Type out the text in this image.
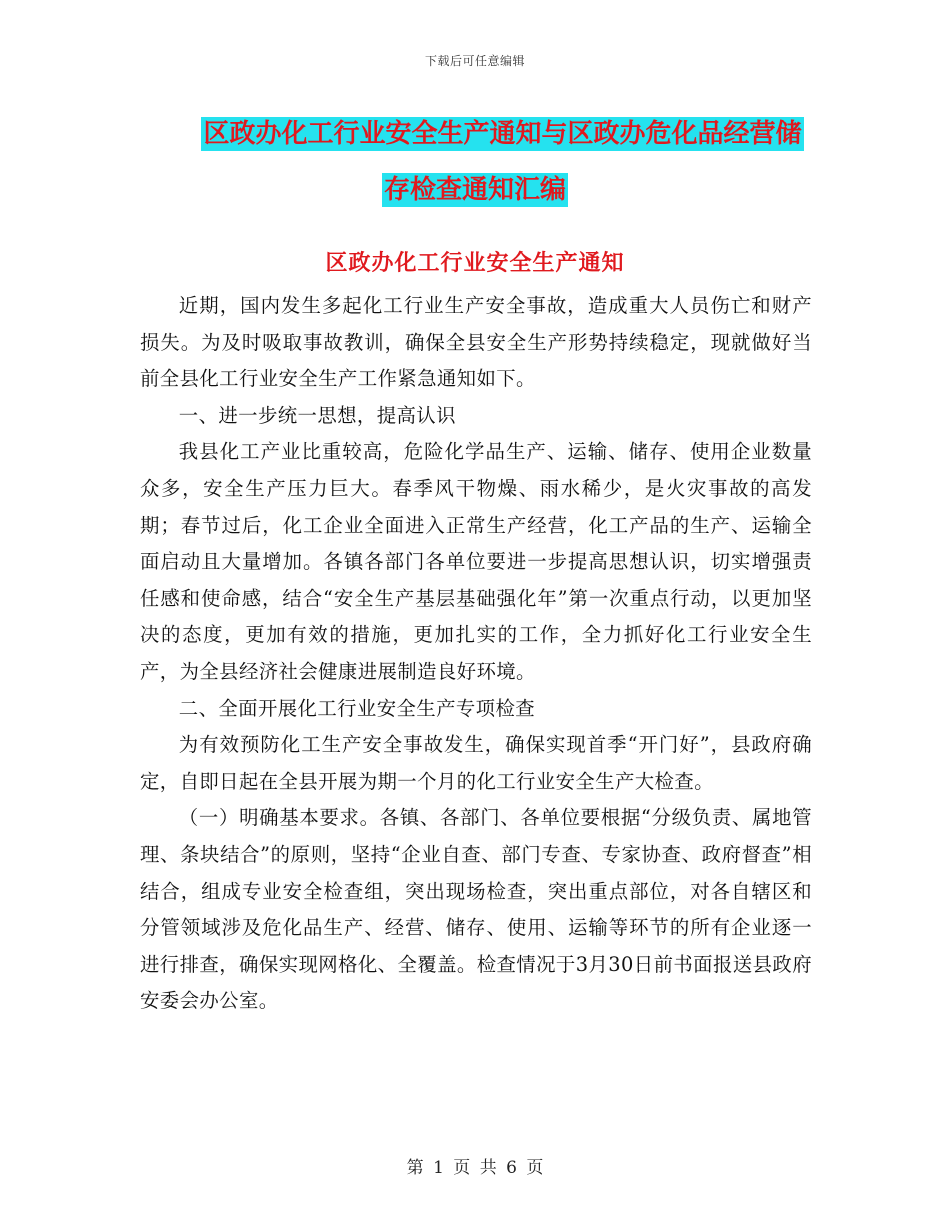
下载后可任意编辑
区政办化工行业安全生产通知与区政办危化品经营储
存检查通知汇编
区政办化工行业安全生产通知

近期，国内发生多起化工行业生产安全事故，造成重大人员伤亡和财产损失。为及时吸取事故教训，确保全县安全生产形势持续稳定，现就做好当前全县化工行业安全生产工作紧急通知如下。

一、进一步统一思想，提高认识

我县化工产业比重较高，危险化学品生产、运输、储存、使用企业数量众多，安全生产压力巨大。春季风干物燥、雨水稀少，是火灾事故的高发期；春节过后，化工企业全面进入正常生产经营，化工产品的生产、运输全面启动且大量增加。各镇各部门各单位要进一步提高思想认识，切实增强责任感和使命感，结合“安全生产基层基础强化年”第一次重点行动，以更加坚决的态度，更加有效的措施，更加扎实的工作，全力抓好化工行业安全生产，为全县经济社会健康进展制造良好环境。

二、全面开展化工行业安全生产专项检查

为有效预防化工生产安全事故发生，确保实现首季“开门好”，县政府确定，自即日起在全县开展为期一个月的化工行业安全生产大检查。

（一）明确基本要求。各镇、各部门、各单位要根据“分级负责、属地管理、条块结合”的原则，坚持“企业自查、部门专查、专家协查、政府督查”相结合，组成专业安全检查组，突出现场检查，突出重点部位，对各自辖区和分管领域涉及危化品生产、经营、储存、使用、运输等环节的所有企业逐一进行排查，确保实现网格化、全覆盖。检查情况于3月30日前书面报送县政府安委会办公室。

第 1 页 共 6 页
